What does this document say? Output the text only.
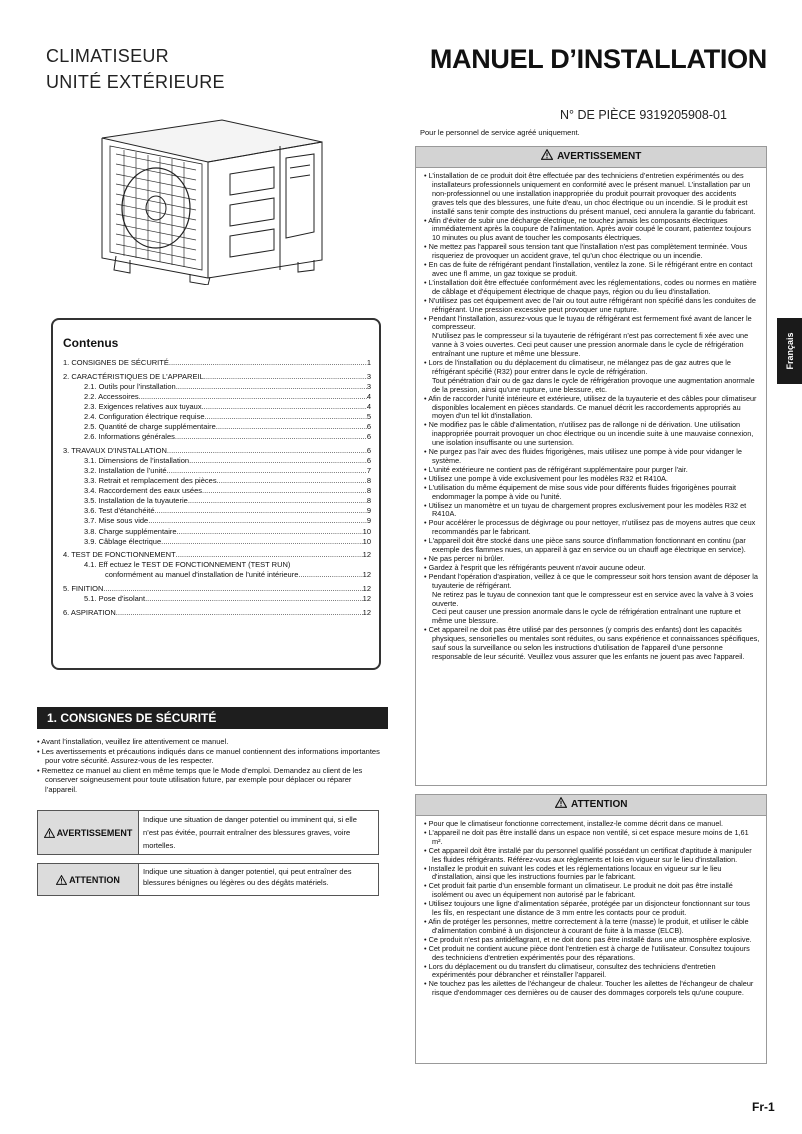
CLIMATISEUR
UNITÉ EXTÉRIEURE
MANUEL D’INSTALLATION
N° DE PIÈCE 9319205908-01
Pour le personnel de service agréé uniquement.
Français
Contenus
1. CONSIGNES DE SÉCURITÉ .....	1
2. CARACTÉRISTIQUES DE L’APPAREIL .....	3
2.1. Outils pour l’installation .....	3
2.2. Accessoires .....	4
2.3. Exigences relatives aux tuyaux .....	4
2.4. Configuration électrique requise .....	5
2.5. Quantité de charge supplémentaire .....	6
2.6. Informations générales .....	6
3. TRAVAUX D’INSTALLATION .....	6
3.1. Dimensions de l’installation .....	6
3.2. Installation de l’unité .....	7
3.3. Retrait et remplacement des pièces .....	8
3.4. Raccordement des eaux usées .....	8
3.5. Installation de la tuyauterie .....	8
3.6. Test d'étanchéité .....	9
3.7. Mise sous vide .....	9
3.8. Charge supplémentaire .....	10
3.9. Câblage électrique .....	10
4. TEST DE FONCTIONNEMENT .....	12
4.1. Eff ectuez le TEST DE FONCTIONNEMENT (TEST RUN)
conformément au manuel d'installation de l'unité intérieure .....	12
5. FINITION .....	12
5.1. Pose d'isolant .....	12
6. ASPIRATION .....	12
1. CONSIGNES DE SÉCURITÉ
• Avant l’installation, veuillez lire attentivement ce manuel.
• Les avertissements et précautions indiqués dans ce manuel contiennent des informations importantes pour votre sécurité. Assurez-vous de les respecter.
• Remettez ce manuel au client en même temps que le Mode d’emploi. Demandez au client de les conserver soigneusement pour toute utilisation future, par exemple pour déplacer ou réparer l’appareil.
AVERTISSEMENT
Indique une situation de danger potentiel ou imminent qui, si elle n’est pas évitée, pourrait entraîner des blessures graves, voire mortelles.
ATTENTION
Indique une situation à danger potentiel, qui peut entraîner des blessures bénignes ou légères ou des dégâts matériels.
AVERTISSEMENT
• L’installation de ce produit doit être effectuée par des techniciens d’entretien expérimentés ou des installateurs professionnels uniquement en conformité avec le présent manuel. L’installation par un non-professionnel ou une installation inappropriée du produit pourrait provoquer des accidents graves tels que des blessures, une fuite d'eau, un choc électrique ou un incendie. Si le produit est installé sans tenir compte des instructions du présent manuel, ceci annulera la garantie du fabricant.
• Afin d’éviter de subir une décharge électrique, ne touchez jamais les composants électriques immédiatement après la coupure de l'alimentation. Après avoir coupé le courant, patientez toujours 10 minutes ou plus avant de toucher les composants électriques.
• Ne mettez pas l'appareil sous tension tant que l'installation n'est pas complètement terminée. Vous risqueriez de provoquer un accident grave, tel qu’un choc électrique ou un incendie.
• En cas de fuite de réfrigérant pendant l'installation, ventilez la zone. Si le réfrigérant entre en contact avec une fl amme, un gaz toxique se produit.
• L’installation doit être effectuée conformément avec les réglementations, codes ou normes en matière de câblage et d'équipement électrique de chaque pays, région ou du lieu d'installation.
• N'utilisez pas cet équipement avec de l'air ou tout autre réfrigérant non spécifié dans les conduites de réfrigérant. Une pression excessive peut provoquer une rupture.
• Pendant l'installation, assurez-vous que le tuyau de réfrigérant est fermement fixé avant de lancer le compresseur.
N'utilisez pas le compresseur si la tuyauterie de réfrigérant n’est pas correctement fi xée avec une vanne à 3 voies ouvertes. Ceci peut causer une pression anormale dans le cycle de réfrigération entraînant une rupture et même une blessure.
• Lors de l'installation ou du déplacement du climatiseur, ne mélangez pas de gaz autres que le réfrigérant spécifié (R32) pour entrer dans le cycle de réfrigération.
Tout pénétration d'air ou de gaz dans le cycle de réfrigération provoque une augmentation anormale de la pression, ainsi qu'une rupture, une blessure, etc.
• Afin de raccorder l'unité intérieure et extérieure, utilisez de la tuyauterie et des câbles pour climatiseur disponibles localement en pièces standards. Ce manuel décrit les raccordements appropriés au moyen d'un tel kit d'installation.
• Ne modifiez pas le câble d'alimentation, n'utilisez pas de rallonge ni de dérivation. Une utilisation inappropriée pourrait provoquer un choc électrique ou un incendie suite à une mauvaise connexion, une isolation insuffisante ou une surtension.
• Ne purgez pas l'air avec des fluides frigorigènes, mais utilisez une pompe à vide pour vidanger le système.
• L'unité extérieure ne contient pas de réfrigérant supplémentaire pour purger l'air.
• Utilisez une pompe à vide exclusivement pour les modèles R32 et R410A.
• L'utilisation du même équipement de mise sous vide pour différents fluides frigorigènes pourrait endommager la pompe à vide ou l'unité.
• Utilisez un manomètre et un tuyau de chargement propres exclusivement pour les modèles R32 et R410A.
• Pour accélérer le processus de dégivrage ou pour nettoyer, n'utilisez pas de moyens autres que ceux recommandés par le fabricant.
• L'appareil doit être stocké dans une pièce sans source d'inflammation fonctionnant en continu (par exemple des flammes nues, un appareil à gaz en service ou un chauff age électrique en service).
• Ne pas percer ni brûler.
• Gardez à l'esprit que les réfrigérants peuvent n'avoir aucune odeur.
• Pendant l'opération d'aspiration, veillez à ce que le compresseur soit hors tension avant de déposer la tuyauterie de réfrigérant.
Ne retirez pas le tuyau de connexion tant que le compresseur est en service avec la valve à 3 voies ouverte.
Ceci peut causer une pression anormale dans le cycle de réfrigération entraînant une rupture et même une blessure.
• Cet appareil ne doit pas être utilisé par des personnes (y compris des enfants) dont les capacités physiques, sensorielles ou mentales sont réduites, ou sans expérience et connaissances spécifiques, sauf sous la surveillance ou selon les instructions d'utilisation de l'appareil d’une personne responsable de leur sécurité. Veuillez vous assurer que les enfants ne jouent pas avec l'appareil.
ATTENTION
• Pour que le climatiseur fonctionne correctement, installez-le comme décrit dans ce manuel.
• L’appareil ne doit pas être installé dans un espace non ventilé, si cet espace mesure moins de 1,61 m².
• Cet appareil doit être installé par du personnel qualifié possédant un certificat d'aptitude à manipuler les fluides réfrigérants. Référez-vous aux règlements et lois en vigueur sur le lieu d'installation.
• Installez le produit en suivant les codes et les réglementations locaux en vigueur sur le lieu d'installation, ainsi que les instructions fournies par le fabricant.
• Cet produit fait partie d’un ensemble formant un climatiseur. Le produit ne doit pas être installé isolément ou avec un équipement non autorisé par le fabricant.
• Utilisez toujours une ligne d’alimentation séparée, protégée par un disjoncteur fonctionnant sur tous les fils, en respectant une distance de 3 mm entre les contacts pour ce produit.
• Afin de protéger les personnes, mettre correctement à la terre (masse) le produit, et utiliser le câble d'alimentation combiné à un disjoncteur à courant de fuite à la masse (ELCB).
• Ce produit n'est pas antidéflagrant, et ne doit donc pas être installé dans une atmosphère explosive.
• Cet produit ne contient aucune pièce dont l'entretien est à charge de l'utilisateur. Consultez toujours des techniciens d'entretien expérimentés pour des réparations.
• Lors du déplacement ou du transfert du climatiseur, consultez des techniciens d'entretien expérimentés pour débrancher et réinstaller l'appareil.
• Ne touchez pas les ailettes de l'échangeur de chaleur. Toucher les ailettes de l'échangeur de chaleur risque d'endommager ces dernières ou de causer des dommages corporels tels qu'une coupure.
Fr-1
